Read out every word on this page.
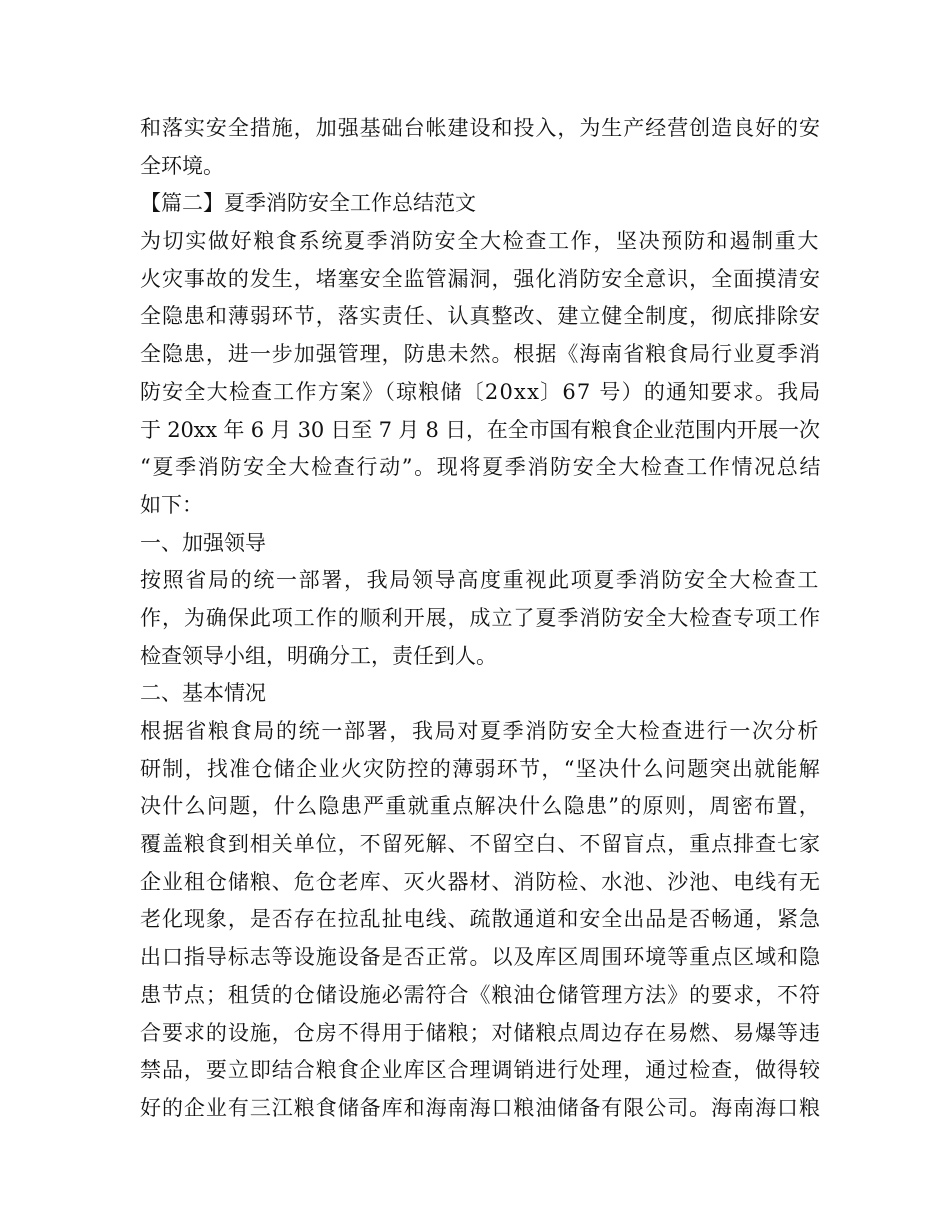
和落实安全措施，加强基础台帐建设和投入，为生产经营创造良好的安
全环境。
【篇二】夏季消防安全工作总结范文
为切实做好粮食系统夏季消防安全大检查工作，坚决预防和遏制重大
火灾事故的发生，堵塞安全监管漏洞，强化消防安全意识，全面摸清安
全隐患和薄弱环节，落实责任、认真整改、建立健全制度，彻底排除安
全隐患，进一步加强管理，防患未然。根据《海南省粮食局行业夏季消
防安全大检查工作方案》（琼粮储〔20xx〕67 号）的通知要求。我局
于 20xx 年 6 月 30 日至 7 月 8 日，在全市国有粮食企业范围内开展一次
“夏季消防安全大检查行动”。现将夏季消防安全大检查工作情况总结
如下：
一、加强领导
按照省局的统一部署，我局领导高度重视此项夏季消防安全大检查工
作，为确保此项工作的顺利开展，成立了夏季消防安全大检查专项工作
检查领导小组，明确分工，责任到人。
二、基本情况
根据省粮食局的统一部署，我局对夏季消防安全大检查进行一次分析
研制，找准仓储企业火灾防控的薄弱环节，“坚决什么问题突出就能解
决什么问题，什么隐患严重就重点解决什么隐患”的原则，周密布置，
覆盖粮食到相关单位，不留死解、不留空白、不留盲点，重点排查七家
企业租仓储粮、危仓老库、灭火器材、消防检、水池、沙池、电线有无
老化现象，是否存在拉乱扯电线、疏散通道和安全出品是否畅通，紧急
出口指导标志等设施设备是否正常。以及库区周围环境等重点区域和隐
患节点；租赁的仓储设施必需符合《粮油仓储管理方法》的要求，不符
合要求的设施，仓房不得用于储粮；对储粮点周边存在易燃、易爆等违
禁品，要立即结合粮食企业库区合理调销进行处理，通过检查，做得较
好的企业有三江粮食储备库和海南海口粮油储备有限公司。海南海口粮
